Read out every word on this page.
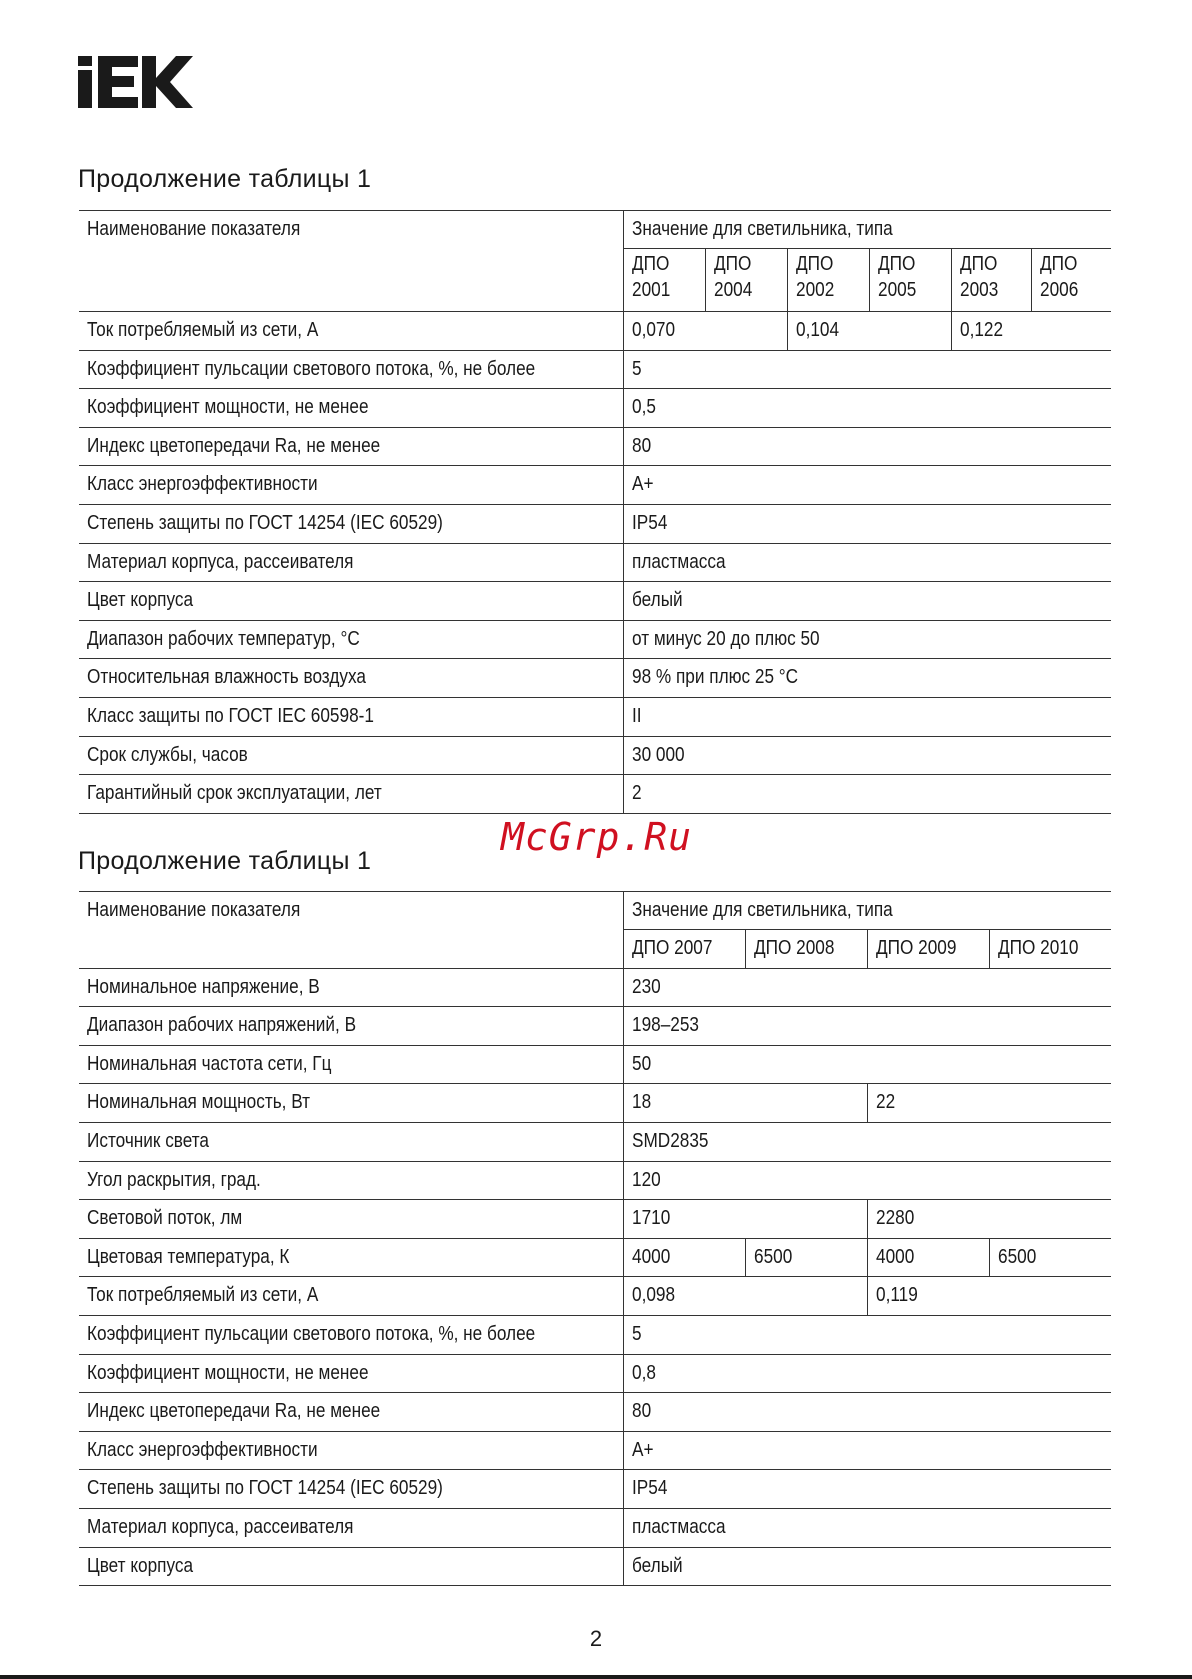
Продолжение таблицы 1
Наименование показателя	Значение для светильника, типа					
	ДПО 2001	ДПО 2004	ДПО 2002	ДПО 2005	ДПО 2003	ДПО 2006
Ток потребляемый из сети, А	0,070		0,104		0,122	
Коэффициент пульсации светового потока, %, не более	5					
Коэффициент мощности, не менее	0,5					
Индекс цветопередачи Ra, не менее	80					
Класс энергоэффективности	A+					
Степень защиты по ГОСТ 14254 (IEC 60529)	IP54					
Материал корпуса, рассеивателя	пластмасса					
Цвет корпуса	белый					
Диапазон рабочих температур, °С	от минус 20 до плюс 50					
Относительная влажность воздуха	98 % при плюс 25 °С					
Класс защиты по ГОСТ IEC 60598-1	II					
Срок службы, часов	30 000					
Гарантийный срок эксплуатации, лет	2					
McGrp.Ru
Продолжение таблицы 1
Наименование показателя	Значение для светильника, типа			
	ДПО 2007	ДПО 2008	ДПО 2009	ДПО 2010
Номинальное напряжение, В	230			
Диапазон рабочих напряжений, В	198–253			
Номинальная частота сети, Гц	50			
Номинальная мощность, Вт	18		22	
Источник света	SMD2835			
Угол раскрытия, град.	120			
Световой поток, лм	1710		2280	
Цветовая температура, К	4000	6500	4000	6500
Ток потребляемый из сети, А	0,098		0,119	
Коэффициент пульсации светового потока, %, не более	5			
Коэффициент мощности, не менее	0,8			
Индекс цветопередачи Ra, не менее	80			
Класс энергоэффективности	A+			
Степень защиты по ГОСТ 14254 (IEC 60529)	IP54			
Материал корпуса, рассеивателя	пластмасса			
Цвет корпуса	белый			
2
